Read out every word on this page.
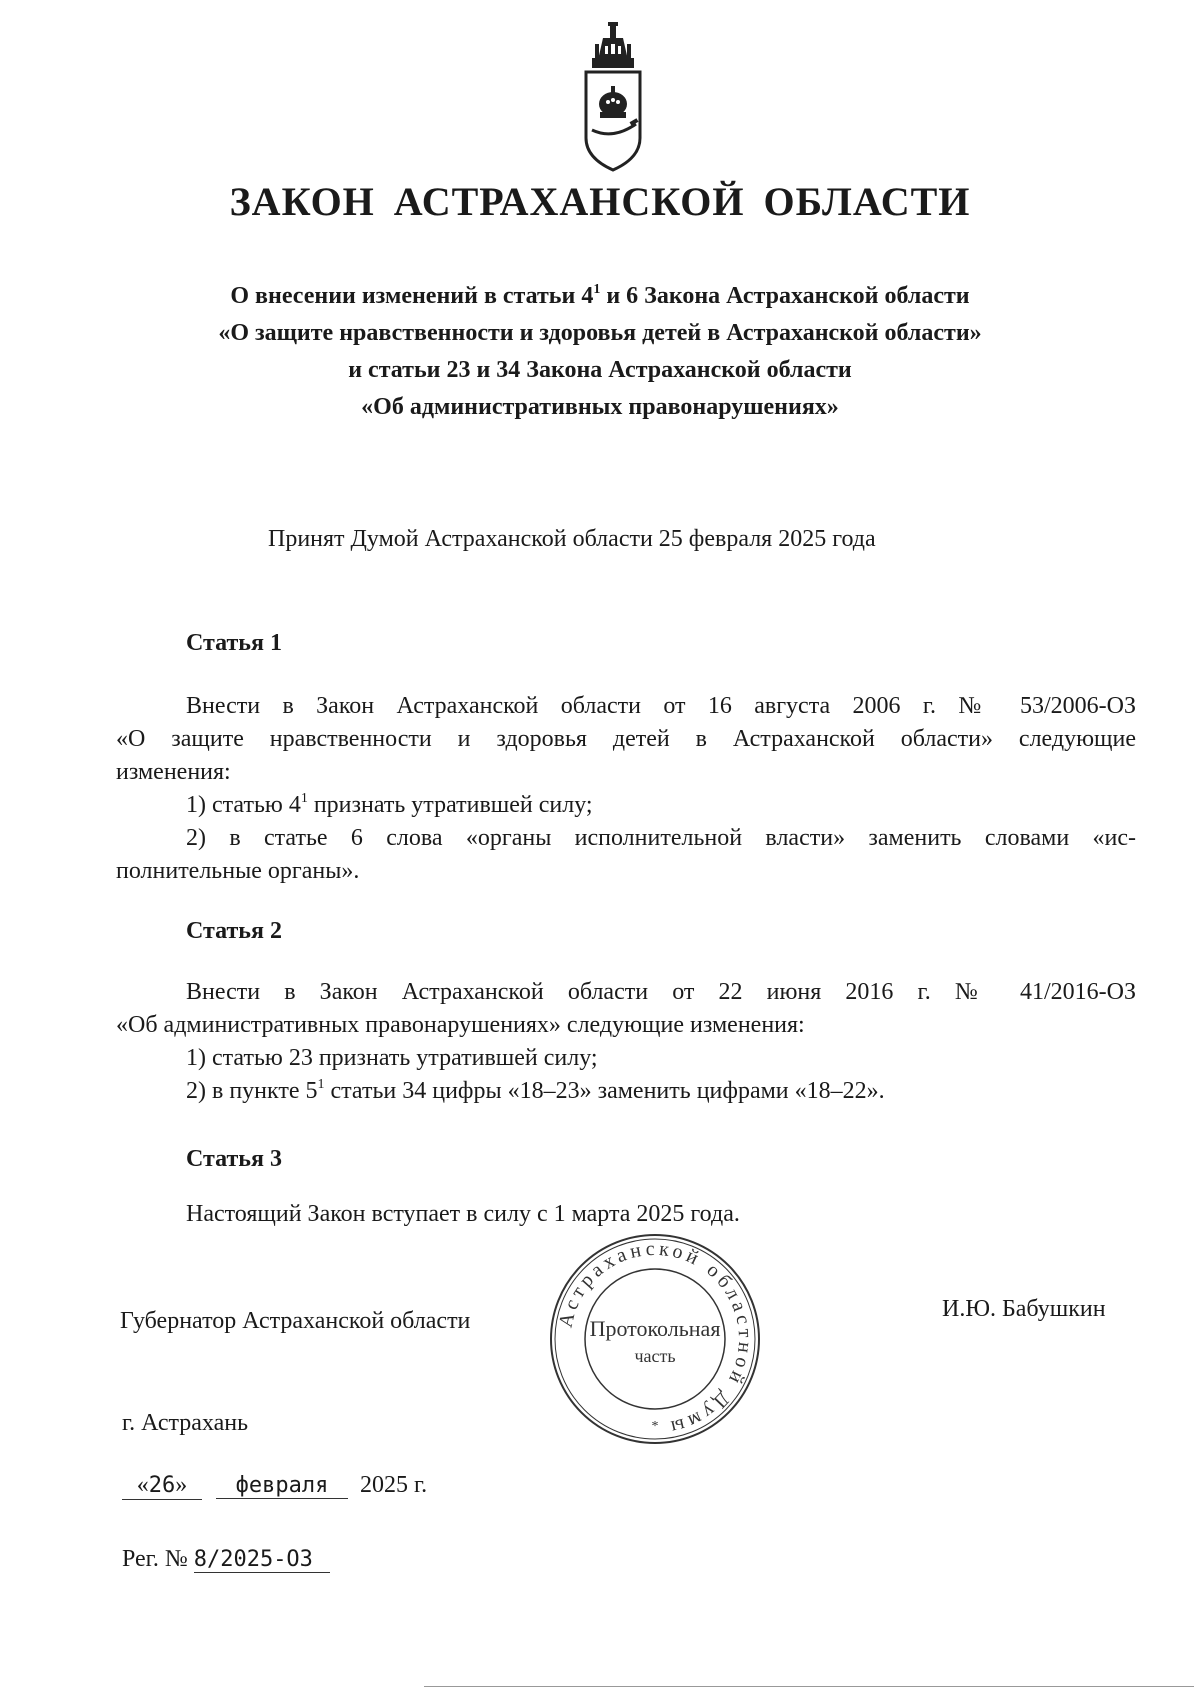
ЗАКОН АСТРАХАНСКОЙ ОБЛАСТИ
О внесении изменений в статьи $4^1$ и 6 Закона Астраханской области
«О защите нравственности и здоровья детей в Астраханской области»
и статьи 23 и 34 Закона Астраханской области
«Об административных правонарушениях»
Принят Думой Астраханской области 25 февраля 2025 года
Статья 1
Внести в Закон Астраханской области от 16 августа 2006 г. № 53/2006-ОЗ
«О защите нравственности и здоровья детей в Астраханской области» следующие
изменения:
1) статью $4^1$ признать утратившей силу;
2) в статье 6 слова «органы исполнительной власти» заменить словами «ис-
полнительные органы».
Статья 2
Внести в Закон Астраханской области от 22 июня 2016 г. № 41/2016-ОЗ
«Об административных правонарушениях» следующие изменения:
1) статью 23 признать утратившей силу;
2) в пункте $5^1$ статьи 34 цифры «18–23» заменить цифрами «18–22».
Статья 3
Настоящий Закон вступает в силу с 1 марта 2025 года.
Губернатор Астраханской области	И.Ю. Бабушкин
Астраханской областной Думы
Протокольная
часть
*
г. Астрахань
«26» февраля 2025 г.
Рег. № 8/2025-ОЗ
